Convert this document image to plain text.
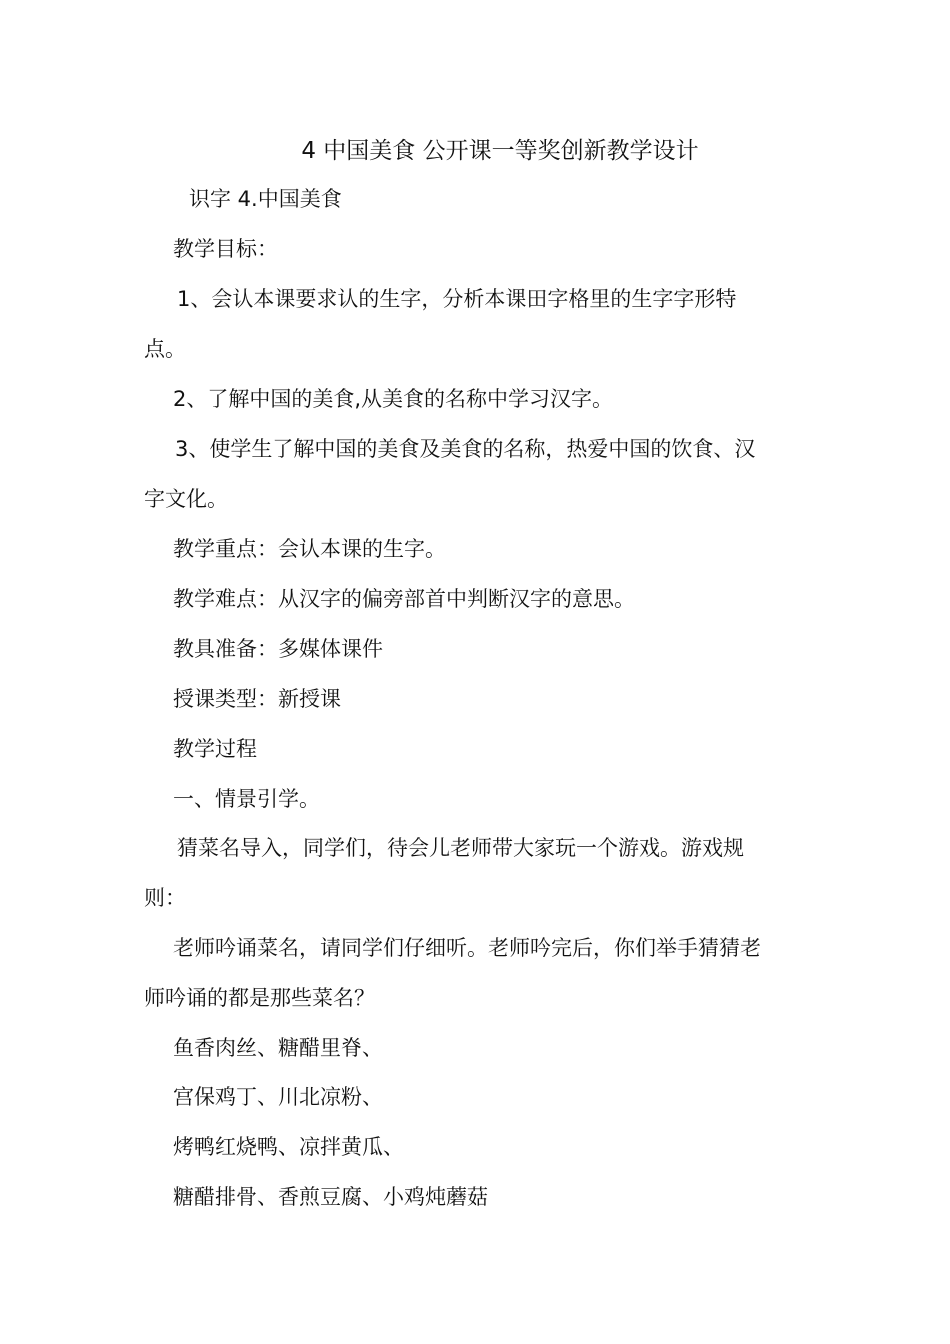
4 中国美食 公开课一等奖创新教学设计
识字 4.中国美食
教学目标：
1、会认本课要求认的生字，分析本课田字格里的生字字形特
点。
2、了解中国的美食,从美食的名称中学习汉字。
3、使学生了解中国的美食及美食的名称，热爱中国的饮食、汉
字文化。
教学重点：会认本课的生字。
教学难点：从汉字的偏旁部首中判断汉字的意思。
教具准备：多媒体课件
授课类型：新授课
教学过程
一、情景引学。
猜菜名导入，同学们，待会儿老师带大家玩一个游戏。游戏规
则：
老师吟诵菜名，请同学们仔细听。老师吟完后，你们举手猜猜老
师吟诵的都是那些菜名？
鱼香肉丝、糖醋里脊、
宫保鸡丁、川北凉粉、
烤鸭红烧鸭、凉拌黄瓜、
糖醋排骨、香煎豆腐、小鸡炖蘑菇
